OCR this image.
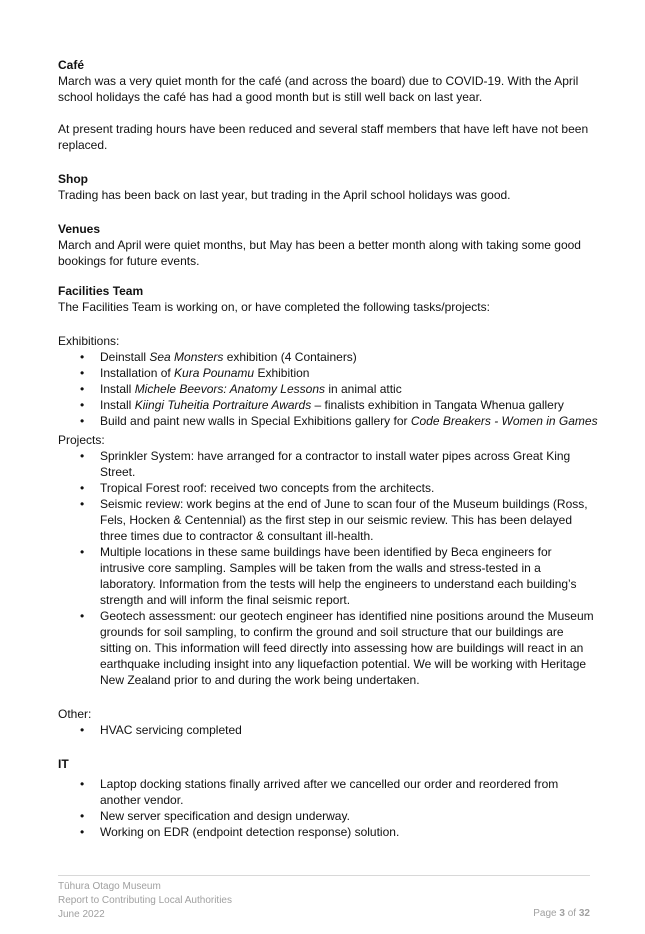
Café

March was a very quiet month for the café (and across the board) due to COVID-19. With the April school holidays the café has had a good month but is still well back on last year.

At present trading hours have been reduced and several staff members that have left have not been replaced.

Shop

Trading has been back on last year, but trading in the April school holidays was good.

Venues

March and April were quiet months, but May has been a better month along with taking some good bookings for future events.

Facilities Team

The Facilities Team is working on, or have completed the following tasks/projects:

Exhibitions:

• Deinstall Sea Monsters exhibition (4 Containers)
• Installation of Kura Pounamu Exhibition
• Install Michele Beevors: Anatomy Lessons in animal attic
• Install Kiingi Tuheitia Portraiture Awards – finalists exhibition in Tangata Whenua gallery
• Build and paint new walls in Special Exhibitions gallery for Code Breakers - Women in Games

Projects:

• Sprinkler System: have arranged for a contractor to install water pipes across Great King Street.
• Tropical Forest roof: received two concepts from the architects.
• Seismic review: work begins at the end of June to scan four of the Museum buildings (Ross, Fels, Hocken & Centennial) as the first step in our seismic review. This has been delayed three times due to contractor & consultant ill-health.
• Multiple locations in these same buildings have been identified by Beca engineers for intrusive core sampling. Samples will be taken from the walls and stress-tested in a laboratory. Information from the tests will help the engineers to understand each building’s strength and will inform the final seismic report.
• Geotech assessment: our geotech engineer has identified nine positions around the Museum grounds for soil sampling, to confirm the ground and soil structure that our buildings are sitting on. This information will feed directly into assessing how are buildings will react in an earthquake including insight into any liquefaction potential. We will be working with Heritage New Zealand prior to and during the work being undertaken.

Other:

• HVAC servicing completed
IT
• Laptop docking stations finally arrived after we cancelled our order and reordered from another vendor.
• New server specification and design underway.
• Working on EDR (endpoint detection response) solution.

Tūhura Otago Museum

Report to Contributing Local Authorities

June 2022	Page 3 of 32
